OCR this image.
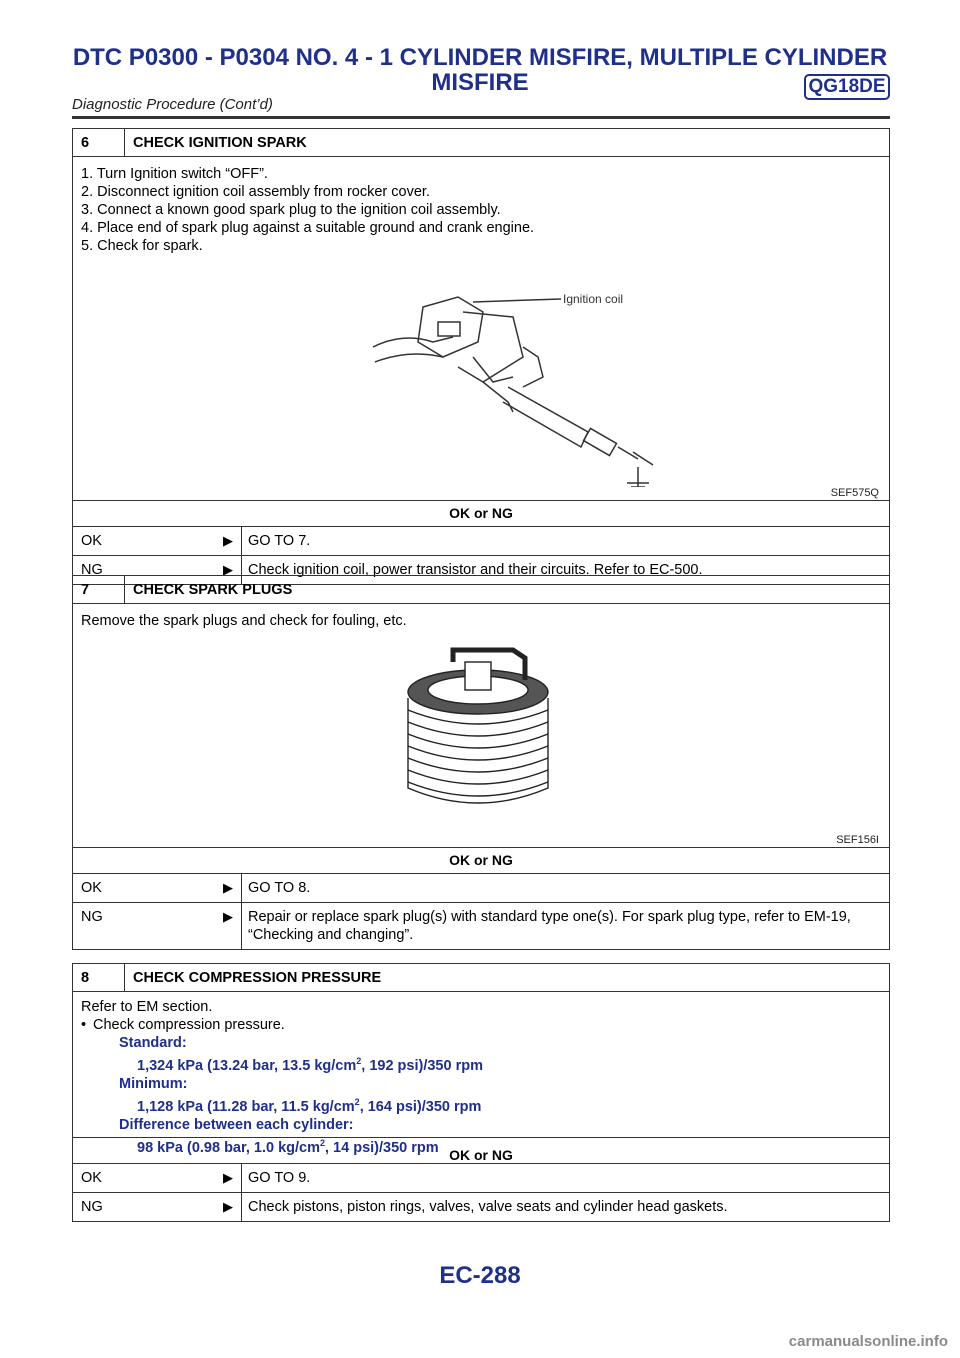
DTC P0300 - P0304 NO. 4 - 1 CYLINDER MISFIRE, MULTIPLE CYLINDER
MISFIRE	QG18DE
Diagnostic Procedure (Cont’d)
6	CHECK IGNITION SPARK
1. Turn Ignition switch “OFF”.
2. Disconnect ignition coil assembly from rocker cover.
3. Connect a known good spark plug to the ignition coil assembly.
4. Place end of spark plug against a suitable ground and crank engine.
5. Check for spark.
Ignition coil
SEF575Q
OK or NG
OK	▶	GO TO 7.
NG	▶	Check ignition coil, power transistor and their circuits. Refer to EC-500.
7	CHECK SPARK PLUGS
Remove the spark plugs and check for fouling, etc.
SEF156I
OK or NG
OK	▶	GO TO 8.
NG	▶	Repair or replace spark plug(s) with standard type one(s). For spark plug type, refer to EM-19, “Checking and changing”.
8	CHECK COMPRESSION PRESSURE
Refer to EM section.
• Check compression pressure.
Standard:
1,324 kPa (13.24 bar, 13.5 $kg/cm^2$, 192 psi)/350 rpm
Minimum:
1,128 kPa (11.28 bar, 11.5 $kg/cm^2$, 164 psi)/350 rpm
Difference between each cylinder:
98 kPa (0.98 bar, 1.0 $kg/cm^2$, 14 psi)/350 rpm OK or NG
OK	▶	GO TO 9.
NG	▶	Check pistons, piston rings, valves, valve seats and cylinder head gaskets.
EC-288
carmanualsonline.info
